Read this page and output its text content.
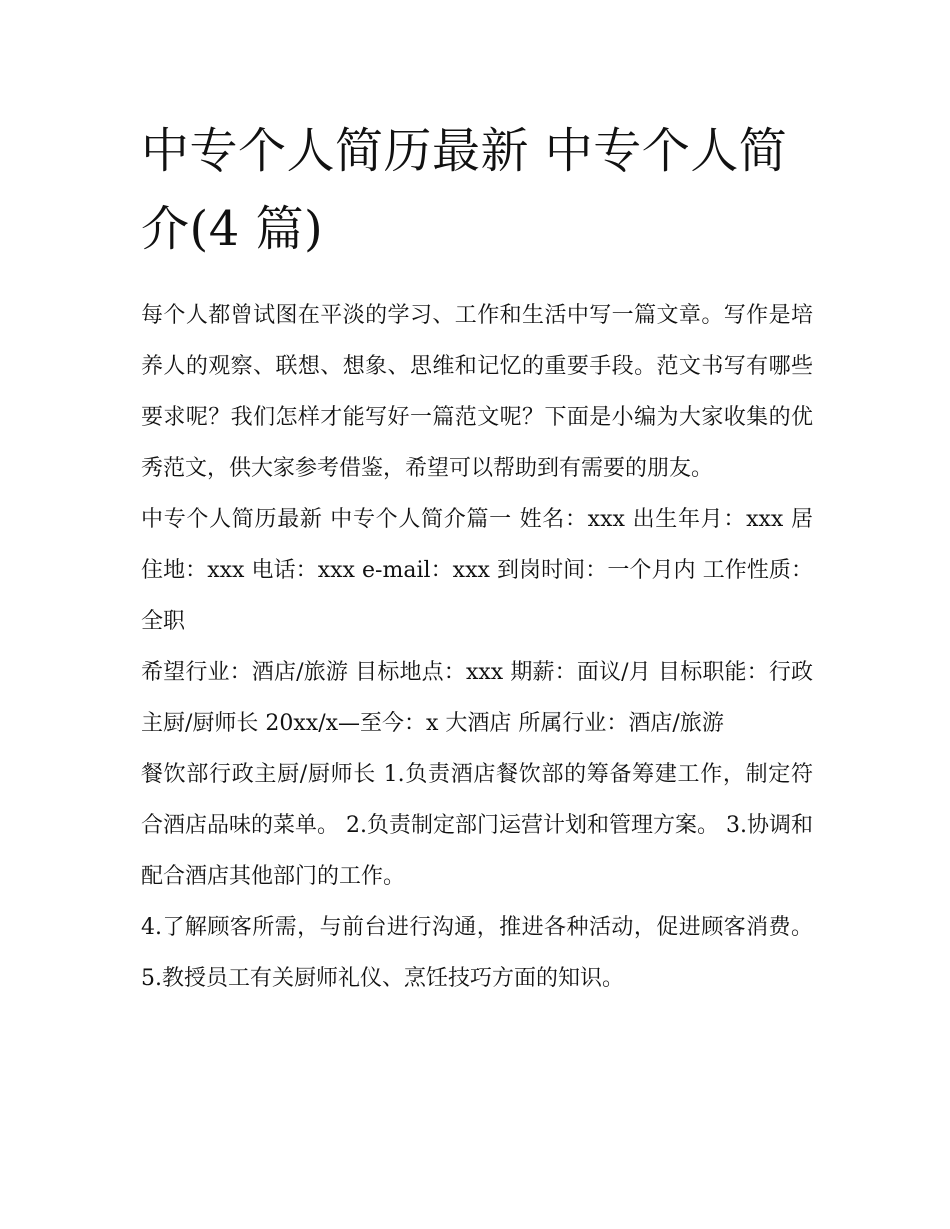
中专个人简历最新 中专个人简介(4 篇)

每个人都曾试图在平淡的学习、工作和生活中写一篇文章。写作是培养人的观察、联想、想象、思维和记忆的重要手段。范文书写有哪些要求呢？我们怎样才能写好一篇范文呢？下面是小编为大家收集的优秀范文，供大家参考借鉴，希望可以帮助到有需要的朋友。

中专个人简历最新 中专个人简介篇一 姓名：xxx 出生年月：xxx 居住地：xxx 电话：xxx e-mail：xxx 到岗时间：一个月内 工作性质：全职

希望行业：酒店/旅游 目标地点：xxx 期薪：面议/月 目标职能：行政主厨/厨师长 20xx/x—至今：x 大酒店 所属行业：酒店/旅游

餐饮部行政主厨/厨师长 1.负责酒店餐饮部的筹备筹建工作，制定符合酒店品味的菜单。 2.负责制定部门运营计划和管理方案。 3.协调和配合酒店其他部门的工作。

4.了解顾客所需，与前台进行沟通，推进各种活动，促进顾客消费。 5.教授员工有关厨师礼仪、烹饪技巧方面的知识。
